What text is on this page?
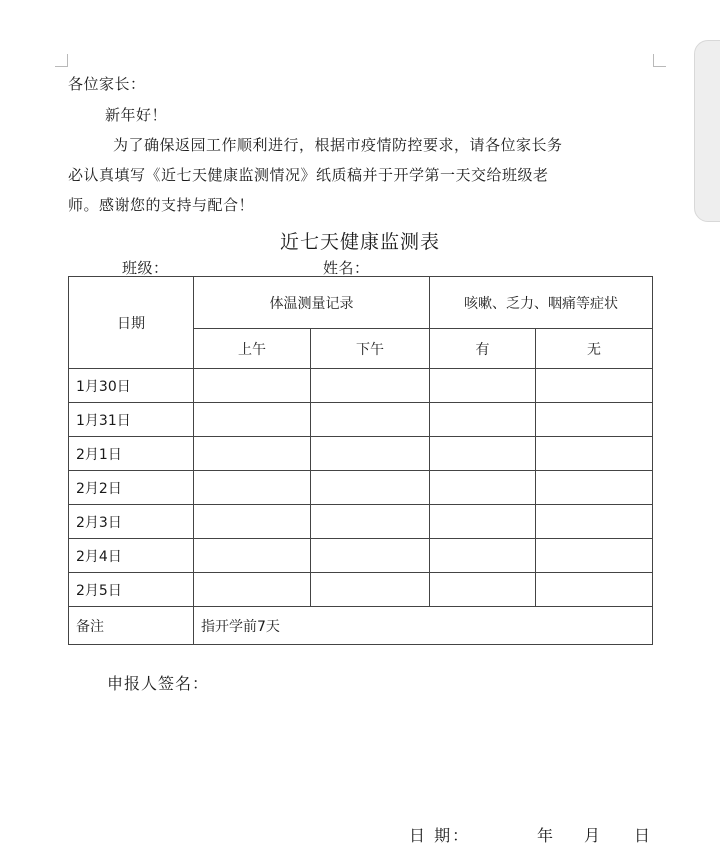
各位家长：
新年好！
为了确保返园工作顺利进行，根据市疫情防控要求，请各位家长务
必认真填写《近七天健康监测情况》纸质稿并于开学第一天交给班级老
师。感谢您的支持与配合！
近七天健康监测表
班级：	姓名：
日期	体温测量记录		咳嗽、乏力、咽痛等症状	
	上午	下午	有	无
1月30日				
1月31日				
2月1日				
2月2日				
2月3日				
2月4日				
2月5日				
备注	指开学前7天			
申报人签名：
日 期：	年 月 日
